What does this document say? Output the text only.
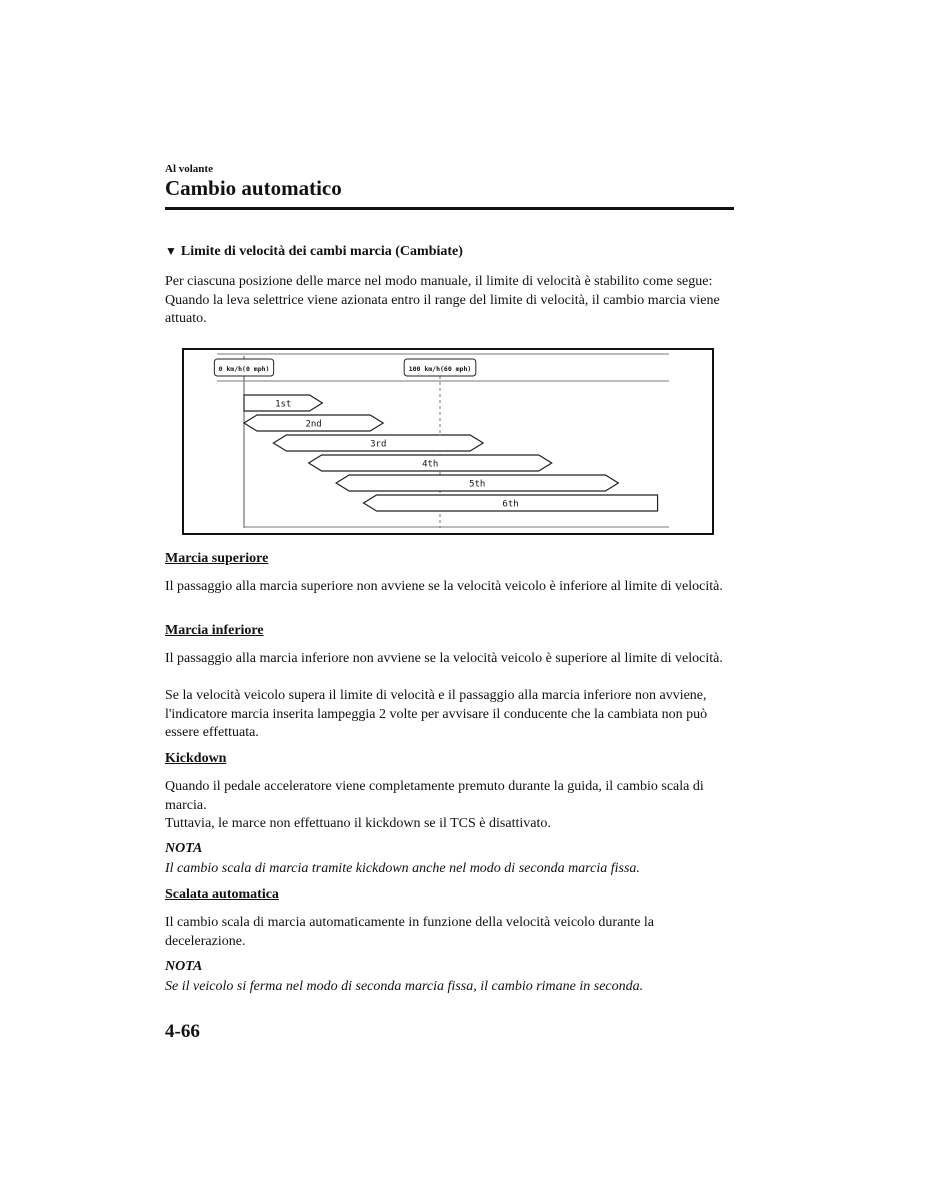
Al volante
Cambio automatico
▼ Limite di velocità dei cambi marcia (Cambiate)
Per ciascuna posizione delle marce nel modo manuale, il limite di velocità è stabilito come segue: Quando la leva selettrice viene azionata entro il range del limite di velocità, il cambio marcia viene attuato.
0 km/h(0 mph)	100 km/h(60 mph)
1st
2nd
3rd
4th
5th
6th
Marcia superiore
Il passaggio alla marcia superiore non avviene se la velocità veicolo è inferiore al limite di velocità.
Marcia inferiore
Il passaggio alla marcia inferiore non avviene se la velocità veicolo è superiore al limite di velocità.
Se la velocità veicolo supera il limite di velocità e il passaggio alla marcia inferiore non avviene, l'indicatore marcia inserita lampeggia 2 volte per avvisare il conducente che la cambiata non può essere effettuata.
Kickdown
Quando il pedale acceleratore viene completamente premuto durante la guida, il cambio scala di marcia.
Tuttavia, le marce non effettuano il kickdown se il TCS è disattivato.
NOTA
Il cambio scala di marcia tramite kickdown anche nel modo di seconda marcia fissa.
Scalata automatica
Il cambio scala di marcia automaticamente in funzione della velocità veicolo durante la decelerazione.
NOTA
Se il veicolo si ferma nel modo di seconda marcia fissa, il cambio rimane in seconda.
4-66
